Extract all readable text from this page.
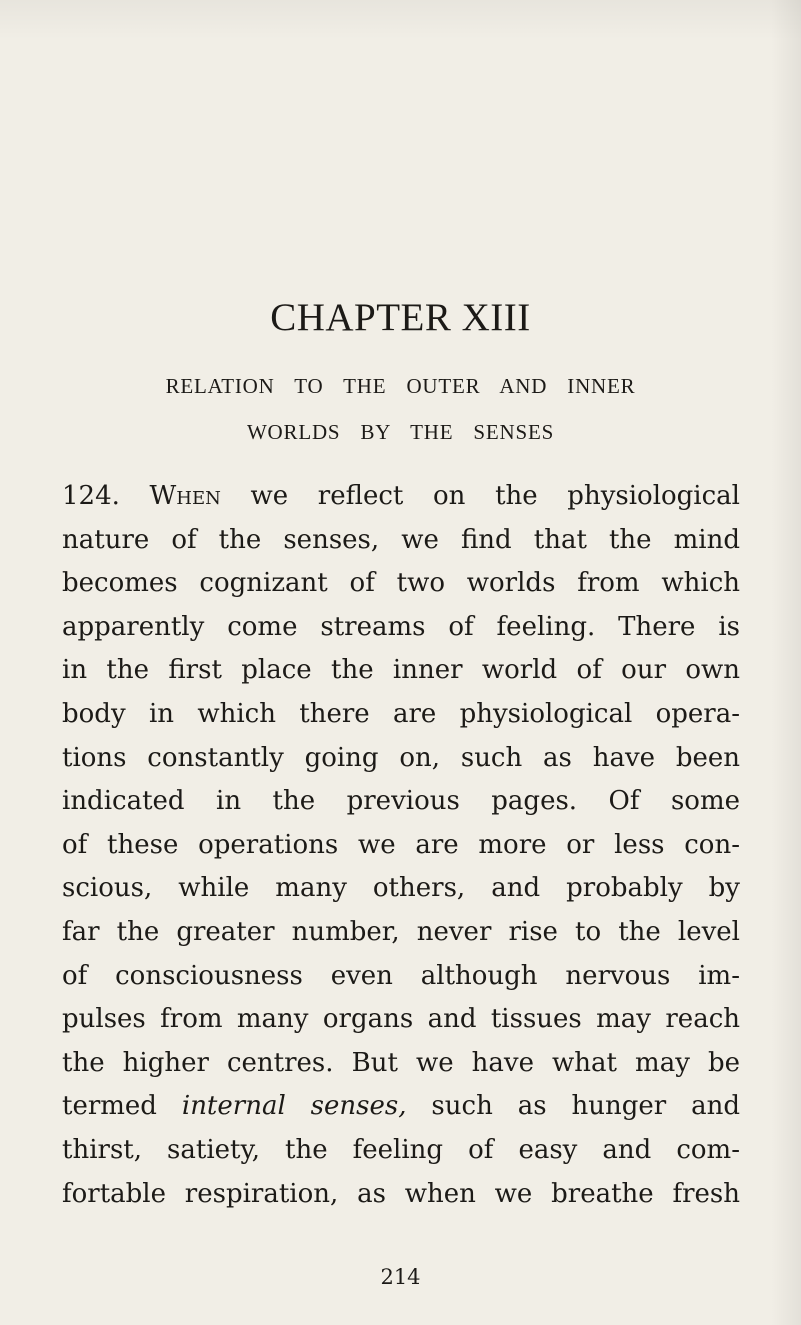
CHAPTER XIII
RELATION TO THE OUTER AND INNER
WORLDS BY THE SENSES
124. When we reflect on the physiological
nature of the senses, we find that the mind
becomes cognizant of two worlds from which
apparently come streams of feeling. There is
in the first place the inner world of our own
body in which there are physiological opera-
tions constantly going on, such as have been
indicated in the previous pages. Of some
of these operations we are more or less con-
scious, while many others, and probably by
far the greater number, never rise to the level
of consciousness even although nervous im-
pulses from many organs and tissues may reach
the higher centres. But we have what may be
termed internal senses, such as hunger and
thirst, satiety, the feeling of easy and com-
fortable respiration, as when we breathe fresh
214
